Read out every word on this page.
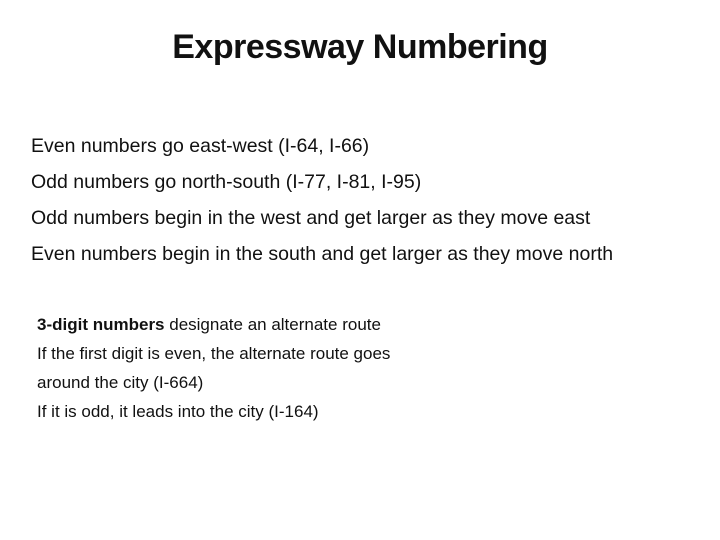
Expressway Numbering
Even numbers go east-west (I-64, I-66)
Odd numbers go north-south (I-77, I-81, I-95)
Odd numbers begin in the west and get larger as they move east
Even numbers begin in the south and get larger as they move north
3-digit numbers designate an alternate route
If the first digit is even, the alternate route goes around the city (I-664)
If it is odd, it leads into the city (I-164)
